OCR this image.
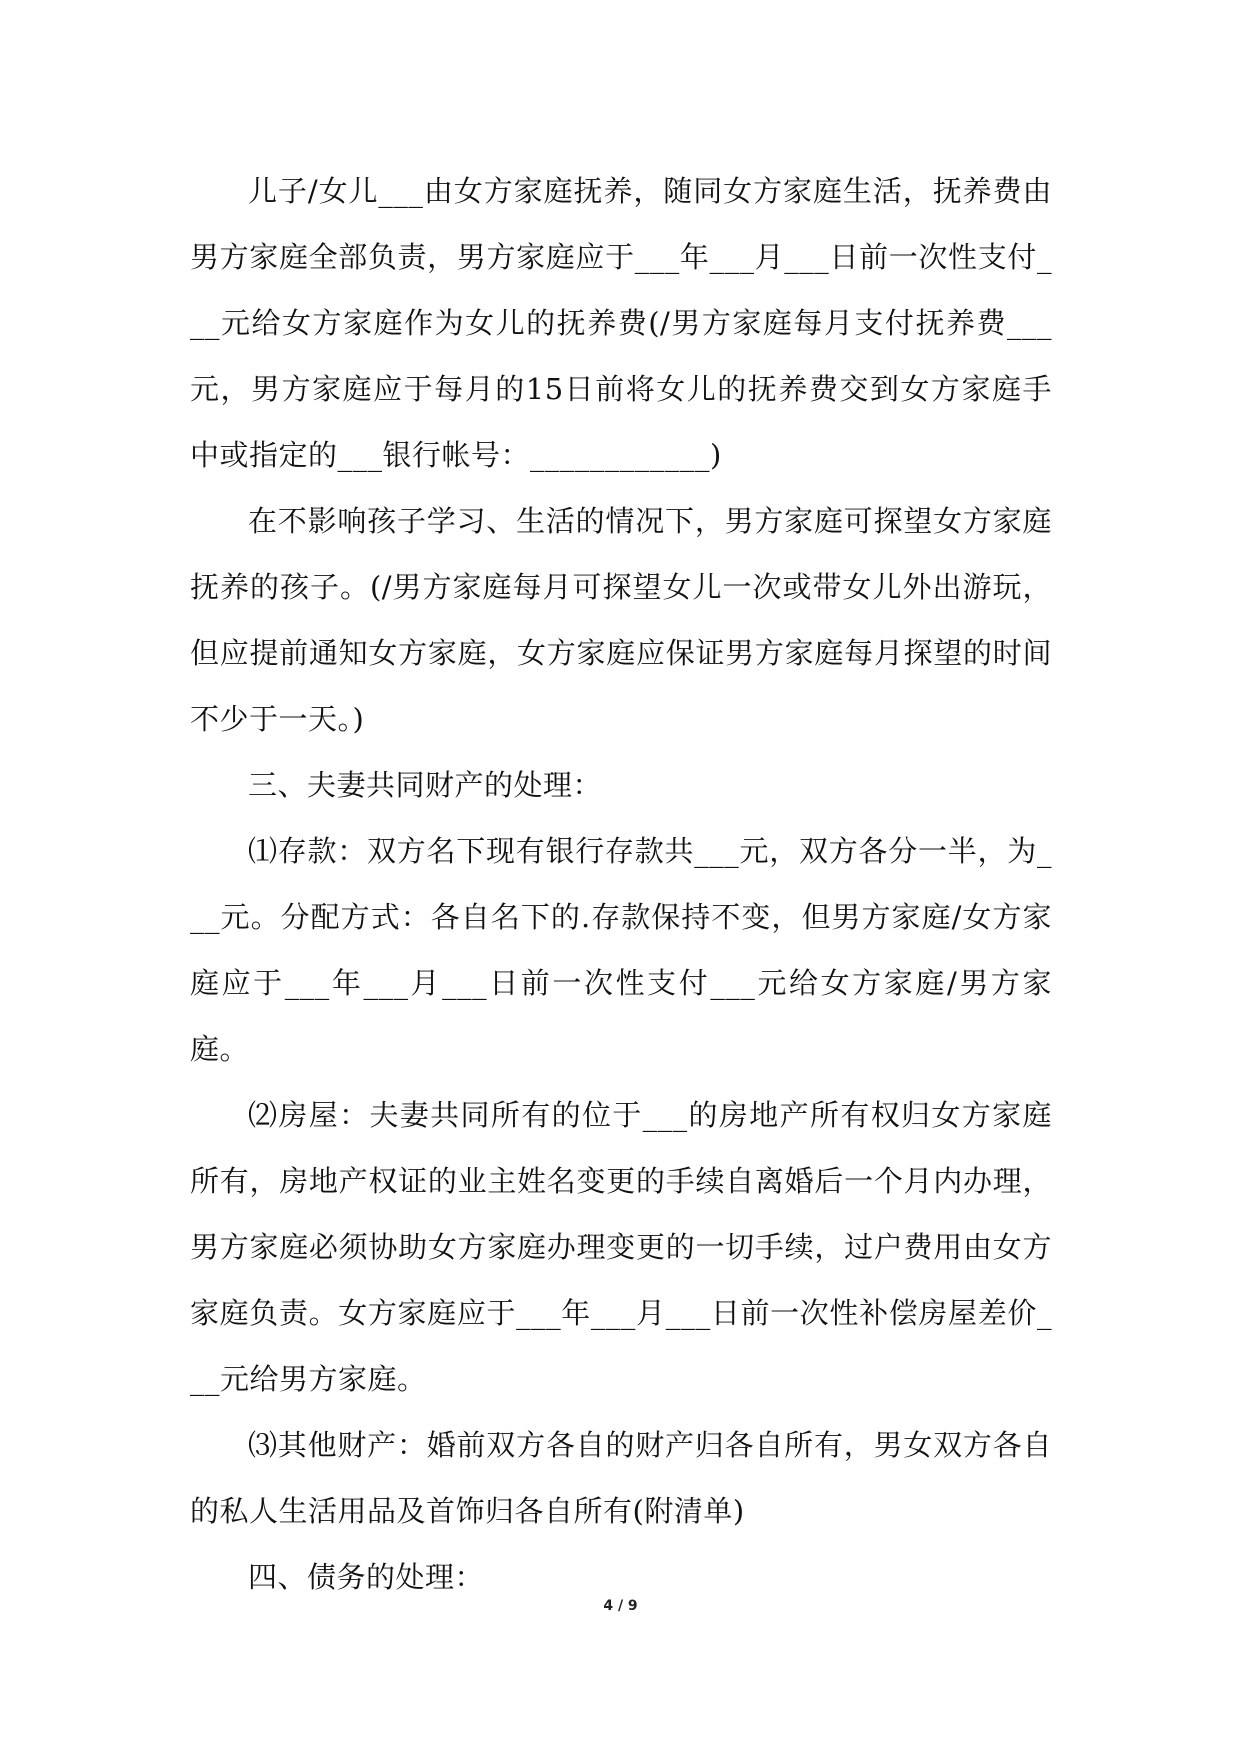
儿子/女儿___由女方家庭抚养，随同女方家庭生活，抚养费由男方家庭全部负责，男方家庭应于___年___月___日前一次性支付___元给女方家庭作为女儿的抚养费(/男方家庭每月支付抚养费___元，男方家庭应于每月的15日前将女儿的抚养费交到女方家庭手中或指定的___银行帐号：____________)

在不影响孩子学习、生活的情况下，男方家庭可探望女方家庭抚养的孩子。(/男方家庭每月可探望女儿一次或带女儿外出游玩，但应提前通知女方家庭，女方家庭应保证男方家庭每月探望的时间不少于一天。)

三、夫妻共同财产的处理：

⑴存款：双方名下现有银行存款共___元，双方各分一半，为___元。分配方式：各自名下的.存款保持不变，但男方家庭/女方家庭应于___年___月___日前一次性支付___元给女方家庭/男方家庭。

⑵房屋：夫妻共同所有的位于___的房地产所有权归女方家庭所有，房地产权证的业主姓名变更的手续自离婚后一个月内办理，男方家庭必须协助女方家庭办理变更的一切手续，过户费用由女方家庭负责。女方家庭应于___年___月___日前一次性补偿房屋差价___元给男方家庭。

⑶其他财产：婚前双方各自的财产归各自所有，男女双方各自的私人生活用品及首饰归各自所有(附清单)

四、债务的处理：

4 / 9
